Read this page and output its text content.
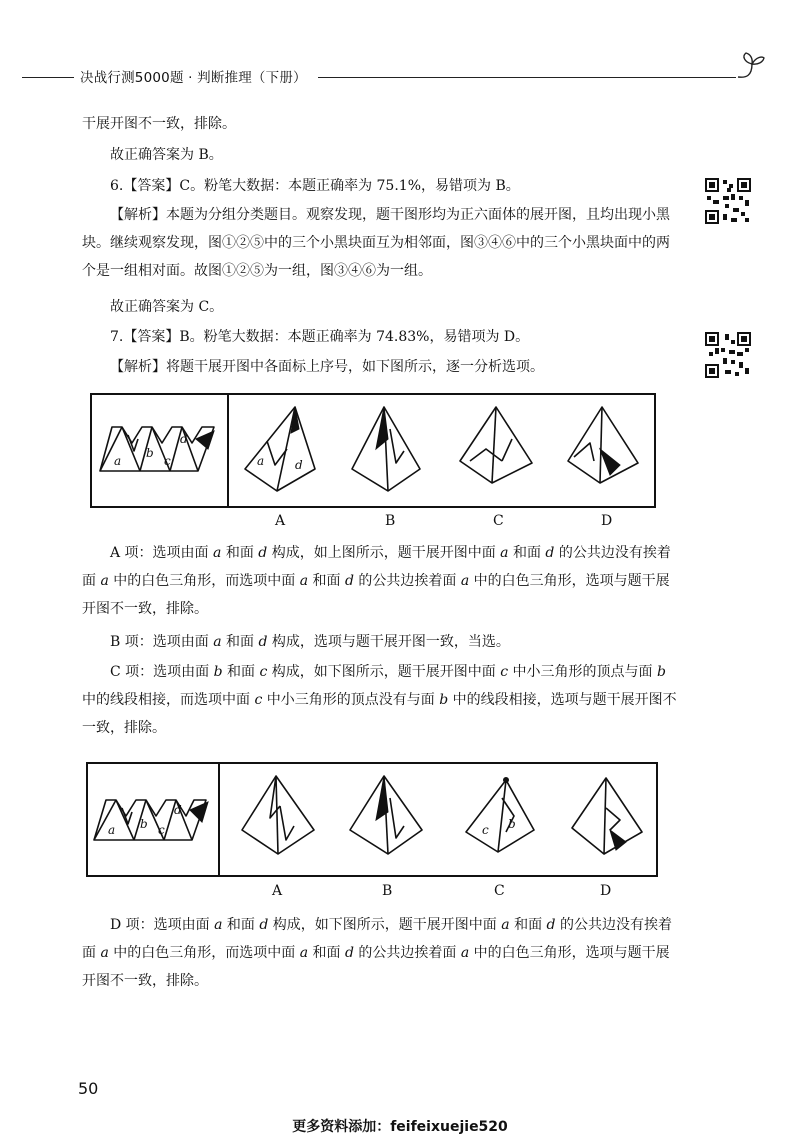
决战行测5000题 · 判断推理（下册）
干展开图不一致，排除。
故正确答案为 B。
6.【答案】C。粉笔大数据：本题正确率为 75.1%，易错项为 B。
【解析】本题为分组分类题目。观察发现，题干图形均为正六面体的展开图，且均出现小黑块。继续观察发现，图①②⑤中的三个小黑块面互为相邻面，图③④⑥中的三个小黑块面中的两个是一组相对面。故图①②⑤为一组，图③④⑥为一组。
故正确答案为 C。
7.【答案】B。粉笔大数据：本题正确率为 74.83%，易错项为 D。
【解析】将题干展开图中各面标上序号，如下图所示，逐一分析选项。
a
b
c
d
a	d
A	B	C	D
A 项：选项由面 a 和面 d 构成，如上图所示，题干展开图中面 a 和面 d 的公共边没有挨着面 a 中的白色三角形，而选项中面 a 和面 d 的公共边挨着面 a 中的白色三角形，选项与题干展开图不一致，排除。
B 项：选项由面 a 和面 d 构成，选项与题干展开图一致，当选。
C 项：选项由面 b 和面 c 构成，如下图所示，题干展开图中面 c 中小三角形的顶点与面 b 中的线段相接，而选项中面 c 中小三角形的顶点没有与面 b 中的线段相接，选项与题干展开图不一致，排除。
a b c
d
c b
A	B	C	D
D 项：选项由面 a 和面 d 构成，如下图所示，题干展开图中面 a 和面 d 的公共边没有挨着面 a 中的白色三角形，而选项中面 a 和面 d 的公共边挨着面 a 中的白色三角形，选项与题干展开图不一致，排除。
50
更多资料添加：feifeixuejie520
